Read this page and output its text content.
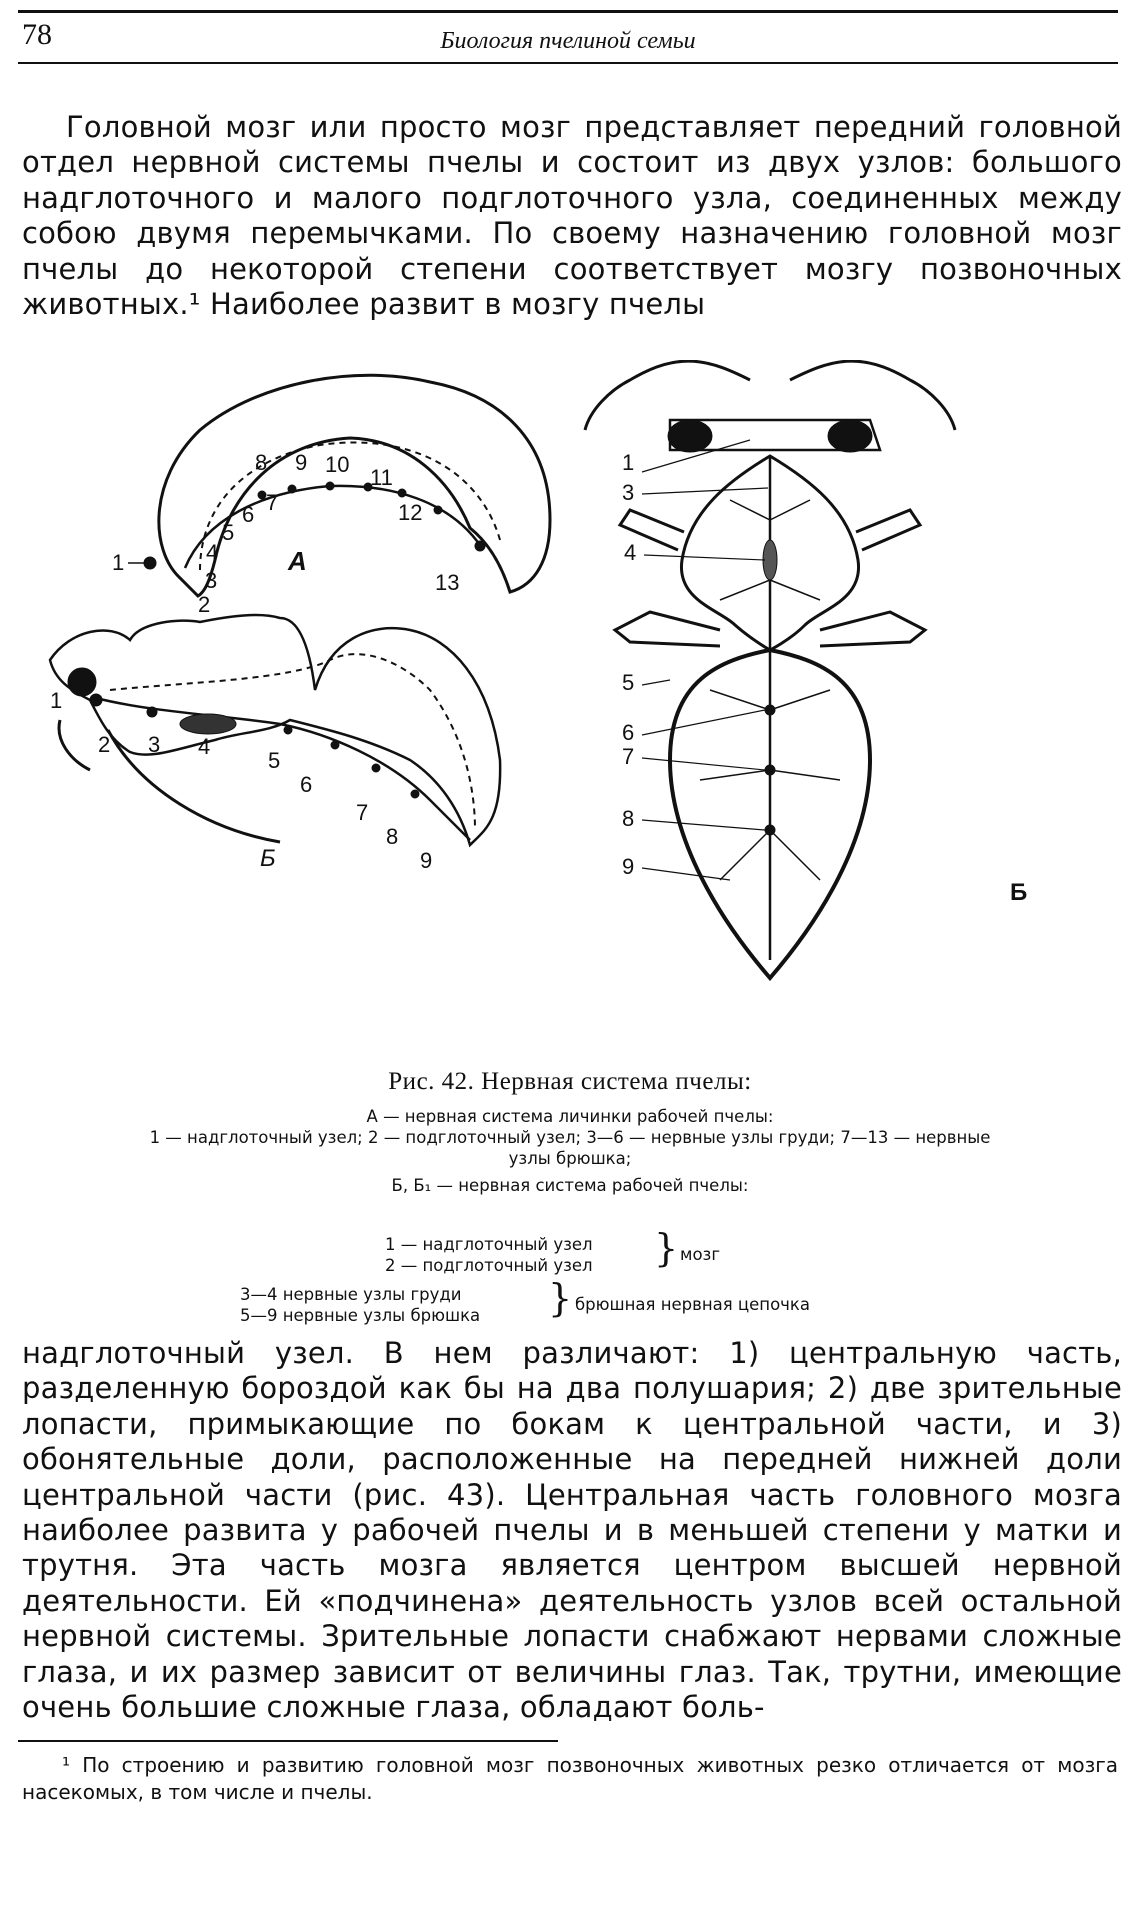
78	Биология пчелиной семьи
Головной мозг или просто мозг представляет передний головной отдел нервной системы пчелы и состоит из двух узлов: большого надглоточного и малого подглоточного узла, соединенных между собою двумя перемычками. По своему назначению головной мозг пчелы до некоторой степени соответствует мозгу позвоночных животных.¹ Наиболее развит в мозгу пчелы
1
2
3
4
5
6 7
8 9 10
11
12
13
А
1
2 3 4
5
6
7
8
9
Б
1
3
4
5
6
7
8
9
Б
Рис. 42. Нервная система пчелы:
А — нервная система личинки рабочей пчелы:
1 — надглоточный узел; 2 — подглоточный узел; 3—6 — нервные узлы груди; 7—13 — нервные
узлы брюшка;
Б, Б₁ — нервная система рабочей пчелы:
1 — надглоточный узел
2 — подглоточный узел } мозг
3—4 нервные узлы груди
5—9 нервные узлы брюшка } брюшная нервная цепочка
надглоточный узел. В нем различают: 1) центральную часть, разделенную бороздой как бы на два полушария; 2) две зрительные лопасти, примыкающие по бокам к центральной части, и 3) обонятельные доли, расположенные на передней нижней доли центральной части (рис. 43). Центральная часть головного мозга наиболее развита у рабочей пчелы и в меньшей степени у матки и трутня. Эта часть мозга является центром высшей нервной деятельности. Ей «подчинена» деятельность узлов всей остальной нервной системы. Зрительные лопасти снабжают нервами сложные глаза, и их размер зависит от величины глаз. Так, трутни, имеющие очень большие сложные глаза, обладают боль-
¹ По строению и развитию головной мозг позвоночных животных резко отличается от мозга насекомых, в том числе и пчелы.
